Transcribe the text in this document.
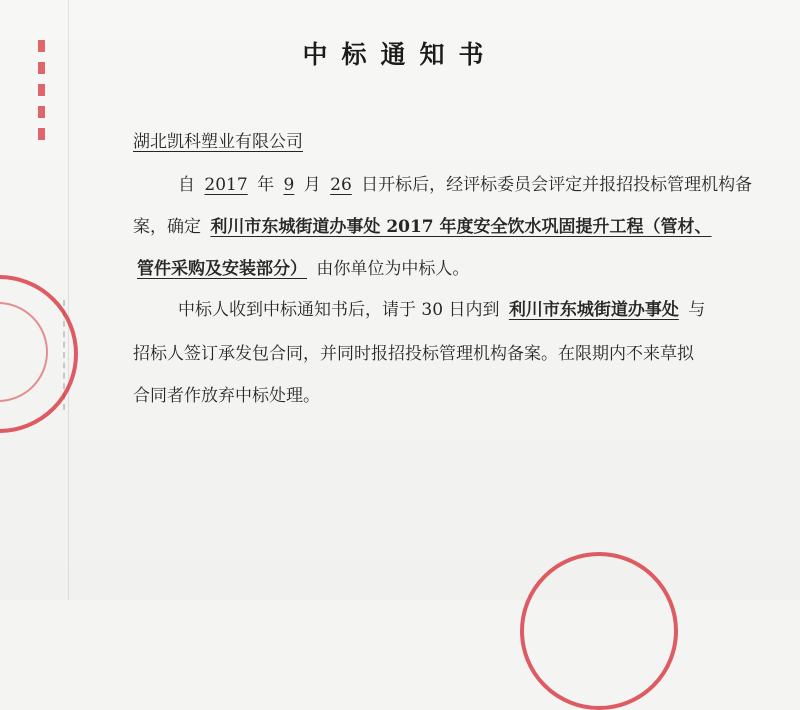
中标通知书
湖北凯科塑业有限公司
自 2017 年 9 月 26 日开标后，经评标委员会评定并报招投标管理机构备
案，确定 利川市东城街道办事处 2017 年度安全饮水巩固提升工程（管材、
管件采购及安装部分） 由你单位为中标人。
中标人收到中标通知书后，请于 30 日内到 利川市东城街道办事处 与
招标人签订承发包合同，并同时报招投标管理机构备案。在限期内不来草拟
合同者作放弃中标处理。
